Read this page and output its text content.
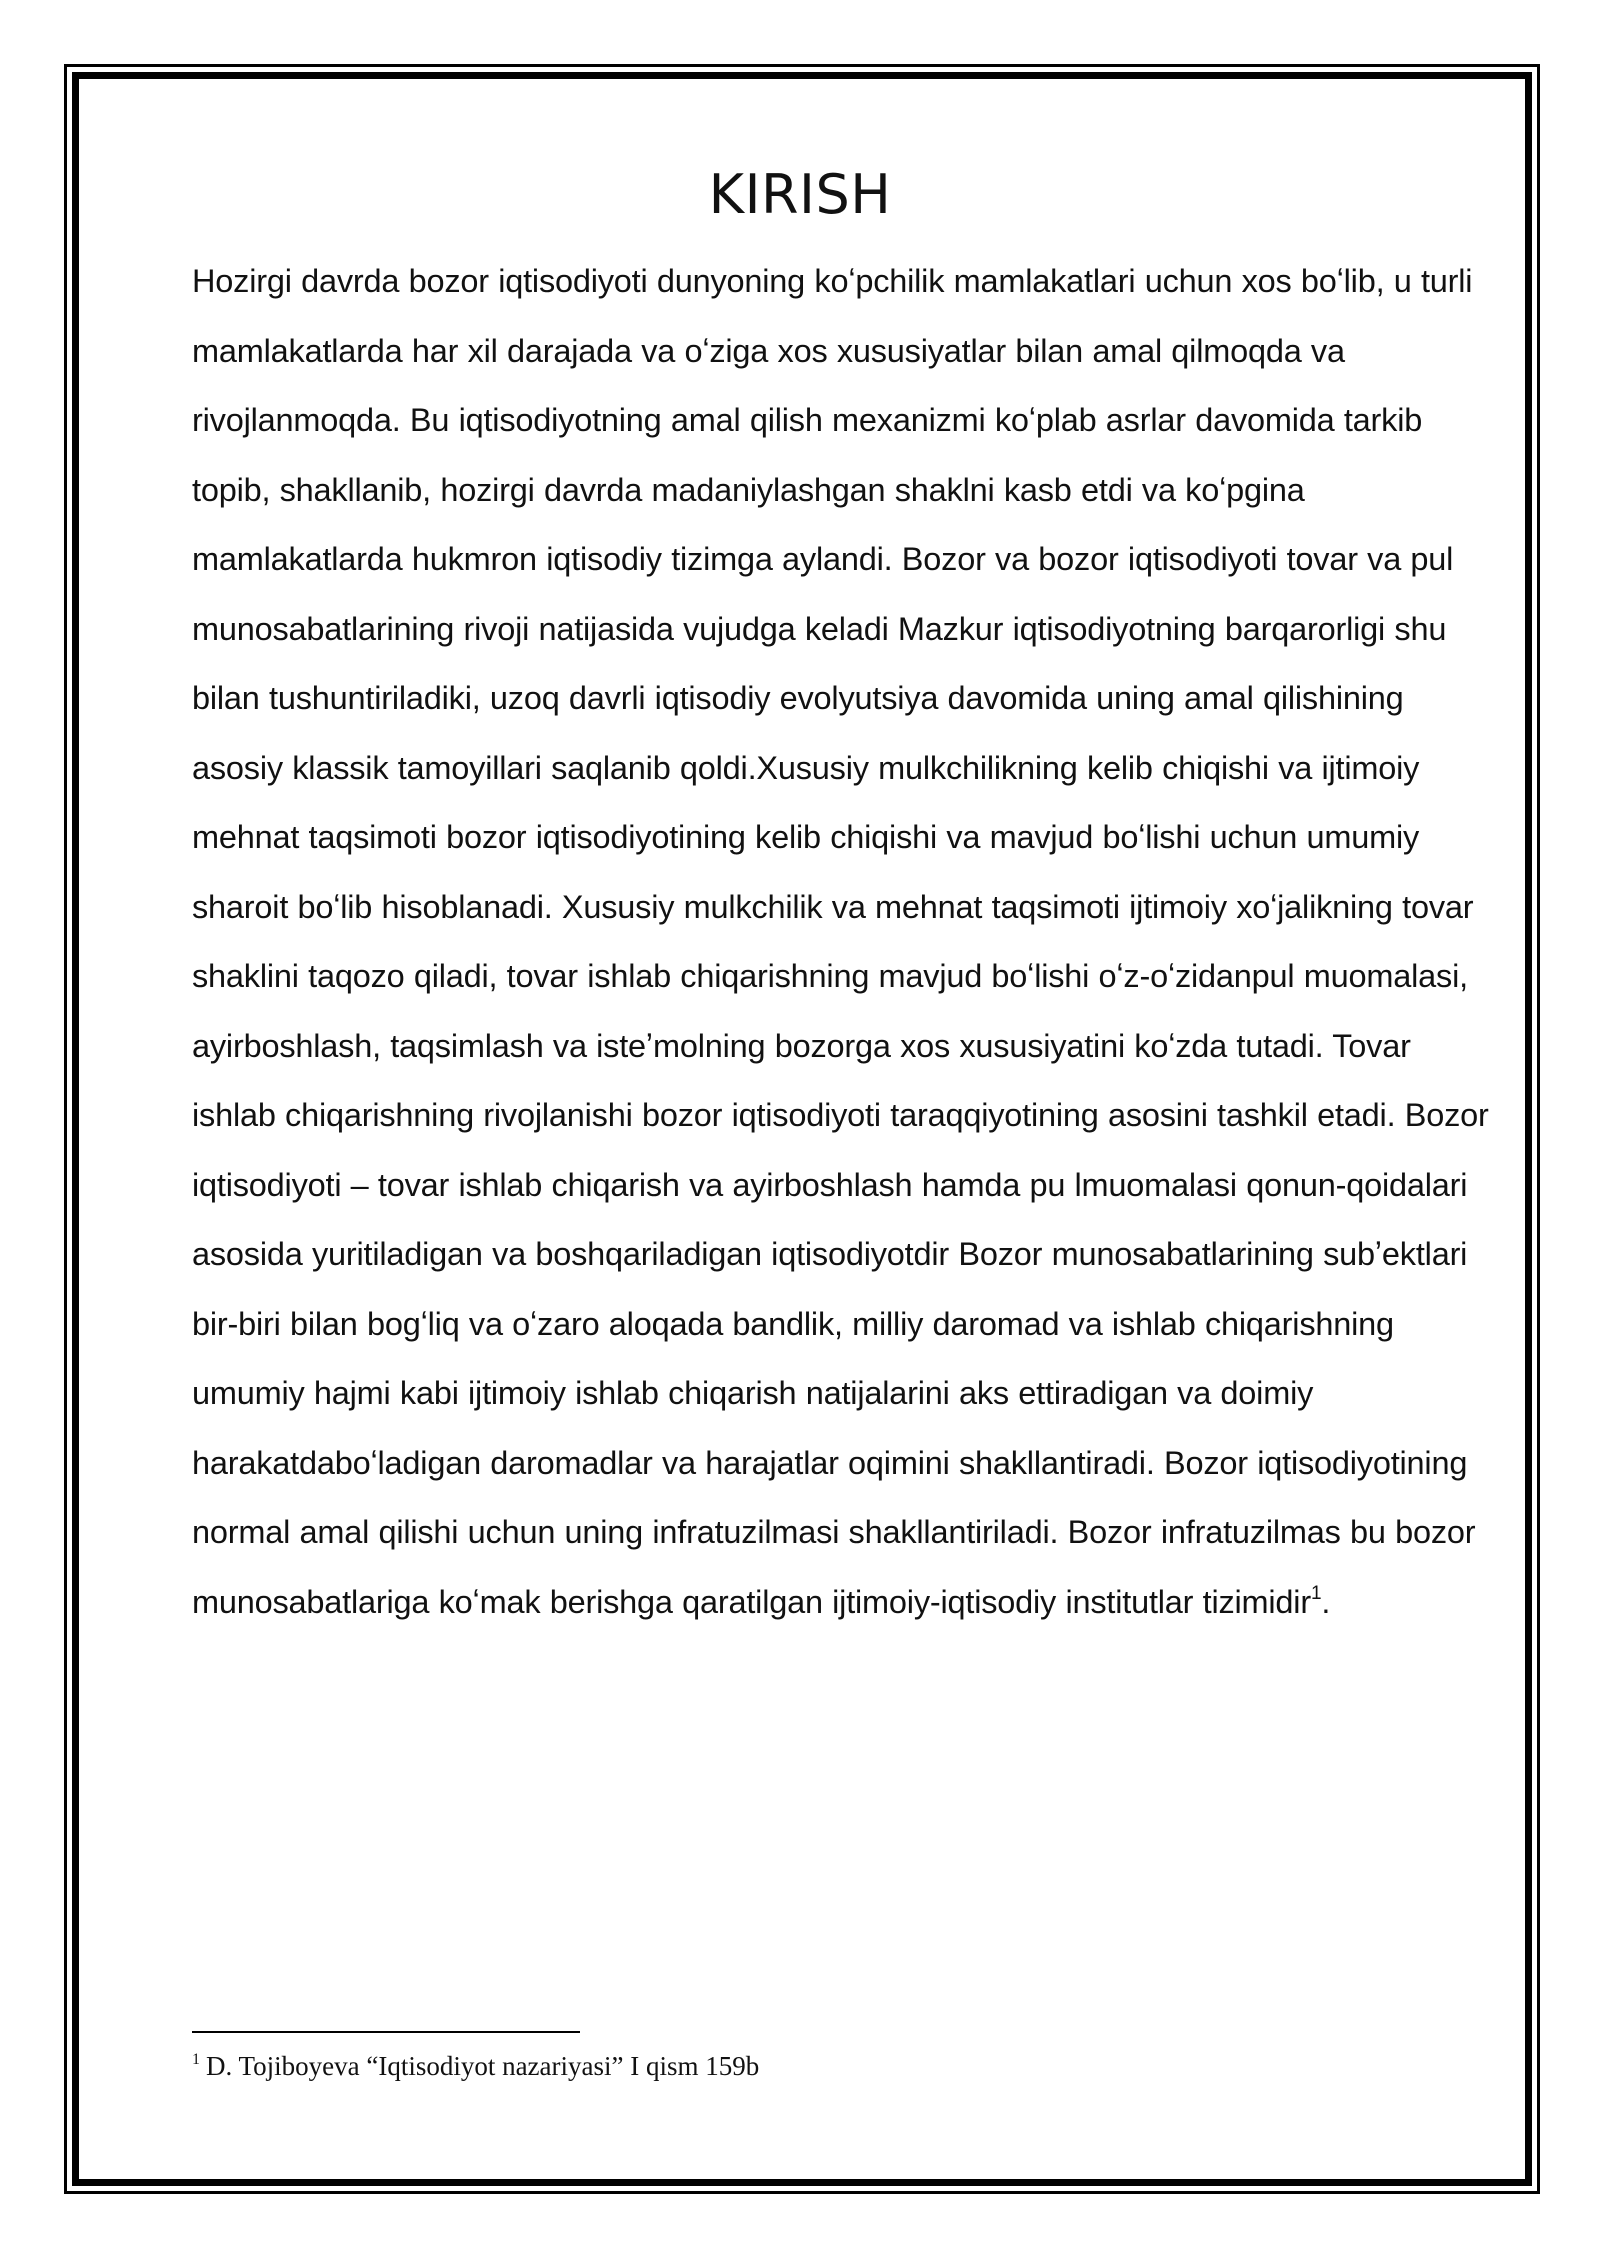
KIRISH

Hozirgi davrda bozor iqtisodiyoti dunyoning koʻpchilik mamlakatlari uchun xos boʻlib, u turli mamlakatlarda har xil darajada va oʻziga xos xususiyatlar bilan amal qilmoqda va rivojlanmoqda. Bu iqtisodiyotning amal qilish mexanizmi koʻplab asrlar davomida tarkib topib, shakllanib, hozirgi davrda madaniylashgan shaklni kasb etdi va koʻpgina mamlakatlarda hukmron iqtisodiy tizimga aylandi. Bozor va bozor iqtisodiyoti tovar va pul munosabatlarining rivoji natijasida vujudga keladi Mazkur iqtisodiyotning barqarorligi shu bilan tushuntiriladiki, uzoq davrli iqtisodiy evolyutsiya davomida uning amal qilishining asosiy klassik tamoyillari saqlanib qoldi.Xususiy mulkchilikning kelib chiqishi va ijtimoiy mehnat taqsimoti bozor iqtisodiyotining kelib chiqishi va mavjud boʻlishi uchun umumiy sharoit boʻlib hisoblanadi. Xususiy mulkchilik va mehnat taqsimoti ijtimoiy xoʻjalikning tovar shaklini taqozo qiladi, tovar ishlab chiqarishning mavjud boʻlishi oʻz-oʻzidanpul muomalasi, ayirboshlash, taqsimlash va isteʼmolning bozorga xos xususiyatini koʻzda tutadi. Tovar ishlab chiqarishning rivojlanishi bozor iqtisodiyoti taraqqiyotining asosini tashkil etadi. Bozor iqtisodiyoti – tovar ishlab chiqarish va ayirboshlash hamda pu lmuomalasi qonun-qoidalari asosida yuritiladigan va boshqariladigan iqtisodiyotdir Bozor munosabatlarining subʼektlari bir-biri bilan bogʻliq va oʻzaro aloqada bandlik, milliy daromad va ishlab chiqarishning umumiy hajmi kabi ijtimoiy ishlab chiqarish natijalarini aks ettiradigan va doimiy harakatdaboʻladigan daromadlar va harajatlar oqimini shakllantiradi. Bozor iqtisodiyotining normal amal qilishi uchun uning infratuzilmasi shakllantiriladi. Bozor infratuzilmas bu bozor munosabatlariga koʻmak berishga qaratilgan ijtimoiy-iqtisodiy institutlar tizimidir$^1$.

$^1$ D. Tojiboyeva “Iqtisodiyot nazariyasi” I qism 159b
